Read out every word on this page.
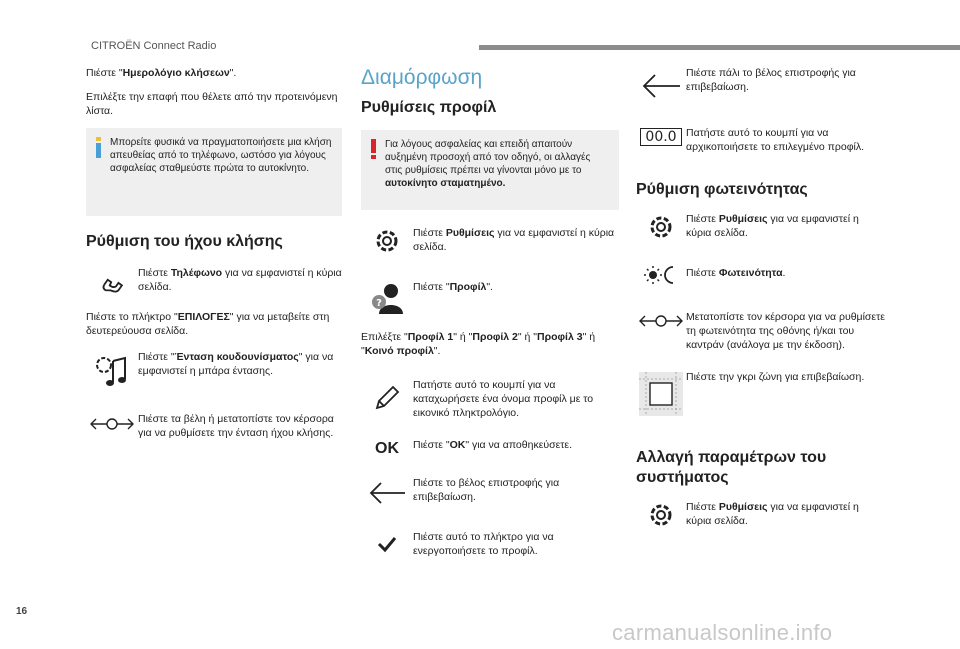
CITROËN Connect Radio

Πιέστε "Ημερολόγιο κλήσεων".

Επιλέξτε την επαφή που θέλετε από την προτεινόμενη λίστα.

Μπορείτε φυσικά να πραγματοποιήσετε μια κλήση απευθείας από το τηλέφωνο, ωστόσο για λόγους ασφαλείας σταθμεύστε πρώτα το αυτοκίνητο.
Ρύθμιση του ήχου κλήσης

Πιέστε Τηλέφωνο για να εμφανιστεί η κύρια σελίδα.

Πιέστε το πλήκτρο "ΕΠΙΛΟΓΕΣ" για να μεταβείτε στη δευτερεύουσα σελίδα.

Πιέστε "Ένταση κουδουνίσματος" για να εμφανιστεί η μπάρα έντασης.

Πιέστε τα βέλη ή μετατοπίστε τον κέρσορα για να ρυθμίσετε την ένταση ήχου κλήσης.

Διαμόρφωση
Ρυθμίσεις προφίλ
Για λόγους ασφαλείας και επειδή απαιτούν αυξημένη προσοχή από τον οδηγό, οι αλλαγές στις ρυθμίσεις πρέπει να γίνονται μόνο με το αυτοκίνητο σταματημένο.

Πιέστε Ρυθμίσεις για να εμφανιστεί η κύρια σελίδα.

?

Πιέστε "Προφίλ".

Επιλέξτε "Προφίλ 1" ή "Προφίλ 2" ή "Προφίλ 3" ή "Κοινό προφίλ".

Πατήστε αυτό το κουμπί για να καταχωρήσετε ένα όνομα προφίλ με το εικονικό πληκτρολόγιο.

OK Πιέστε "OK" για να αποθηκεύσετε.

Πιέστε το βέλος επιστροφής για επιβεβαίωση.

Πιέστε αυτό το πλήκτρο για να ενεργοποιήσετε το προφίλ.

Πιέστε πάλι το βέλος επιστροφής για επιβεβαίωση.

00.0 Πατήστε αυτό το κουμπί για να αρχικοποιήσετε το επιλεγμένο προφίλ.

Ρύθμιση φωτεινότητας

Πιέστε Ρυθμίσεις για να εμφανιστεί η κύρια σελίδα.

Πιέστε Φωτεινότητα.

Μετατοπίστε τον κέρσορα για να ρυθμίσετε τη φωτεινότητα της οθόνης ή/και του καντράν (ανάλογα με την έκδοση).

Πιέστε την γκρι ζώνη για επιβεβαίωση.

Αλλαγή παραμέτρων του συστήματος

Πιέστε Ρυθμίσεις για να εμφανιστεί η κύρια σελίδα.

16
carmanualsonline.info
